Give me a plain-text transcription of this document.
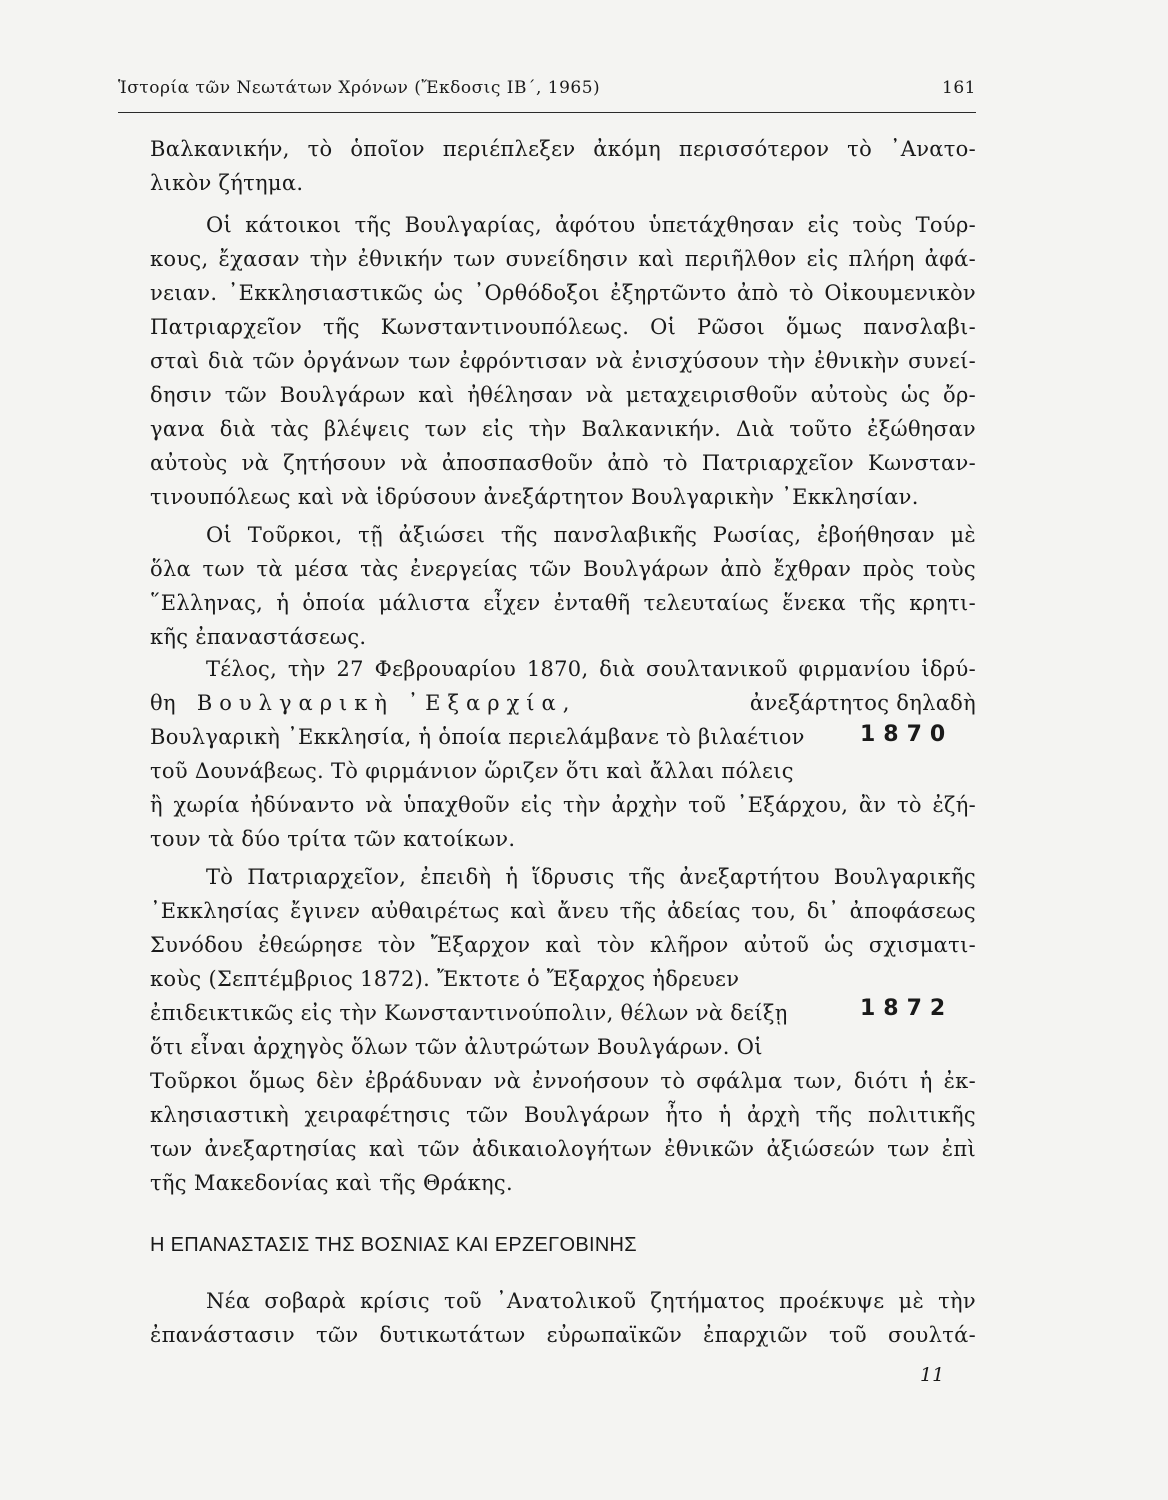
Ἱστορία τῶν Νεωτάτων Χρόνων (Ἔκδοσις ΙΒ΄, 1965)	161
Βαλκανικήν, τὸ ὁποῖον περιέπλεξεν ἀκόμη περισσότερον τὸ ᾿Ανατο-
λικὸν ζήτημα.
Οἱ κάτοικοι τῆς Βουλγαρίας, ἀφότου ὑπετάχθησαν εἰς τοὺς Τούρ-
κους, ἔχασαν τὴν ἐθνικήν των συνείδησιν καὶ περιῆλθον εἰς πλήρη ἀφά-
νειαν. ᾿Εκκλησιαστικῶς ὡς ᾿Ορθόδοξοι ἐξηρτῶντο ἀπὸ τὸ Οἰκουμενικὸν
Πατριαρχεῖον τῆς Κωνσταντινουπόλεως. Οἱ Ρῶσοι ὅμως πανσλαβι-
σταὶ διὰ τῶν ὀργάνων των ἐφρόντισαν νὰ ἐνισχύσουν τὴν ἐθνικὴν συνεί-
δησιν τῶν Βουλγάρων καὶ ἠθέλησαν νὰ μεταχειρισθοῦν αὐτοὺς ὡς ὄρ-
γανα διὰ τὰς βλέψεις των εἰς τὴν Βαλκανικήν. Διὰ τοῦτο ἐξώθησαν
αὐτοὺς νὰ ζητήσουν νὰ ἀποσπασθοῦν ἀπὸ τὸ Πατριαρχεῖον Κωνσταν-
τινουπόλεως καὶ νὰ ἱδρύσουν ἀνεξάρτητον Βουλγαρικὴν ᾿Εκκλησίαν.
Οἱ Τοῦρκοι, τῇ ἀξιώσει τῆς πανσλαβικῆς Ρωσίας, ἐβοήθησαν μὲ
ὅλα των τὰ μέσα τὰς ἐνεργείας τῶν Βουλγάρων ἀπὸ ἔχθραν πρὸς τοὺς
῞Ελληνας, ἡ ὁποία μάλιστα εἶχεν ἐνταθῆ τελευταίως ἕνεκα τῆς κρητι-
κῆς ἐπαναστάσεως.
Τέλος, τὴν 27 Φεβρουαρίου 1870, διὰ σουλτανικοῦ φιρμανίου ἱδρύ-
θη Βουλγαρικὴ ᾿Εξαρχία,	ἀνεξάρτητος δηλαδὴ
Βουλγαρικὴ ᾿Εκκλησία, ἡ ὁποία περιελάμβανε τὸ βιλαέτιον	1870
τοῦ Δουνάβεως. Τὸ φιρμάνιον ὥριζεν ὅτι καὶ ἄλλαι πόλεις
ἢ χωρία ἠδύναντο νὰ ὑπαχθοῦν εἰς τὴν ἀρχὴν τοῦ ᾿Εξάρχου, ἂν τὸ ἐζή-
τουν τὰ δύο τρίτα τῶν κατοίκων.
Τὸ Πατριαρχεῖον, ἐπειδὴ ἡ ἵδρυσις τῆς ἀνεξαρτήτου Βουλγαρικῆς
᾿Εκκλησίας ἔγινεν αὐθαιρέτως καὶ ἄνευ τῆς ἀδείας του, δι᾿ ἀποφάσεως
Συνόδου ἐθεώρησε τὸν Ἔξαρχον καὶ τὸν κλῆρον αὐτοῦ ὡς σχισματι-
κοὺς (Σεπτέμβριος 1872). Ἔκτοτε ὁ Ἔξαρχος ἠδρευεν
ἐπιδεικτικῶς εἰς τὴν Κωνσταντινούπολιν, θέλων νὰ δείξῃ	1872
ὅτι εἶναι ἀρχηγὸς ὅλων τῶν ἀλυτρώτων Βουλγάρων. Οἱ
Τοῦρκοι ὅμως δὲν ἐβράδυναν νὰ ἐννοήσουν τὸ σφάλμα των, διότι ἡ ἐκ-
κλησιαστικὴ χειραφέτησις τῶν Βουλγάρων ἦτο ἡ ἀρχὴ τῆς πολιτικῆς
των ἀνεξαρτησίας καὶ τῶν ἀδικαιολογήτων ἐθνικῶν ἀξιώσεών των ἐπὶ
τῆς Μακεδονίας καὶ τῆς Θράκης.
Η ΕΠΑΝΑΣΤΑΣΙΣ ΤΗΣ ΒΟΣΝΙΑΣ ΚΑΙ ΕΡΖΕΓΟΒΙΝΗΣ
Νέα σοβαρὰ κρίσις τοῦ ᾿Ανατολικοῦ ζητήματος προέκυψε μὲ τὴν
ἐπανάστασιν τῶν δυτικωτάτων εὐρωπαϊκῶν ἐπαρχιῶν τοῦ σουλτά-
11
